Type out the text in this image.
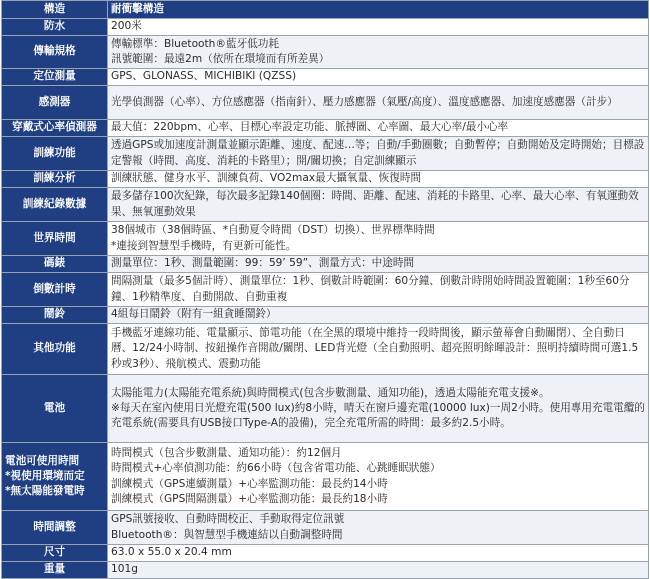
構造	耐衝擊構造

防水	200米

傳輸規格	傳輸標準：Bluetooth®藍牙低功耗
訊號範圍：最遠2m（依所在環境而有所差異）

定位測量	GPS、GLONASS、MICHIBIKI (QZSS)

感測器	光學偵測器（心率）、方位感應器（指南針）、壓力感應器（氣壓/高度）、溫度感應器、加速度感應器（計步）

穿戴式心率偵測器	最大值：220bpm、心率、目標心率設定功能、脈搏圖、心率圖、最大心率/最小心率

訓練功能	透過GPS或加速度計測量並顯示距離、速度、配速…等；自動/手動圈數；自動暫停；自動開始及定時開始；目標設定警報（時間、高度、消耗的卡路里）；開/關切換；自定訓練顯示

訓練分析	訓練狀態、健身水平、訓練負荷、VO2max最大攝氧量、恢復時間

訓練紀錄數據	最多儲存100次紀錄，每次最多記錄140個圈：時間、距離、配速、消耗的卡路里、心率、最大心率、有氧運動效果、無氧運動效果

世界時間	38個城市（38個時區、*自動夏令時間（DST）切換）、世界標準時間
*連接到智慧型手機時，有更新可能性。

碼錶	測量單位：1秒、測量範圍：99：59’ 59”、測量方式：中途時間

倒數計時	間隔測量（最多5個計時）、測量單位：1秒、倒數計時範圍：60分鐘、倒數計時開始時間設置範圍：1秒至60分鐘、1秒精準度、自動開啟、自動重複

鬧鈴	4組每日鬧鈴（附有一組貪睡鬧鈴）

其他功能	手機藍牙連線功能、電量顯示、節電功能（在全黑的環境中維持一段時間後，顯示螢幕會自動關閉）、全自動日曆、12/24小時制、按鈕操作音開啟/關閉、LED背光燈（全自動照明、超亮照明餘暉設計：照明持續時間可選1.5秒或3秒）、飛航模式、震動功能

電池	太陽能電力(太陽能充電系統)與時間模式(包含步數測量、通知功能)，透過太陽能充電支援※。
※每天在室內使用日光燈充電(500 lux)約8小時，晴天在窗戶邊充電(10000 lux)一周2小時。使用專用充電電纜的充電系統(需要具有USB接口Type-A的設備)，完全充電所需的時間：最多約2.5小時。

電池可使用時間
*視使用環境而定
*無太陽能發電時	時間模式（包含步數測量、通知功能）：約12個月
時間模式+心率偵測功能：約66小時（包含省電功能、心跳睡眠狀態）
訓練模式（GPS連續測量）+心率監測功能：最長約14小時
訓練模式（GPS間隔測量）+心率監測功能：最長約18小時

時間調整	GPS訊號接收、自動時間校正、手動取得定位訊號
Bluetooth®：與智慧型手機連結以自動調整時間

尺寸	63.0 x 55.0 x 20.4 mm

重量	101g
